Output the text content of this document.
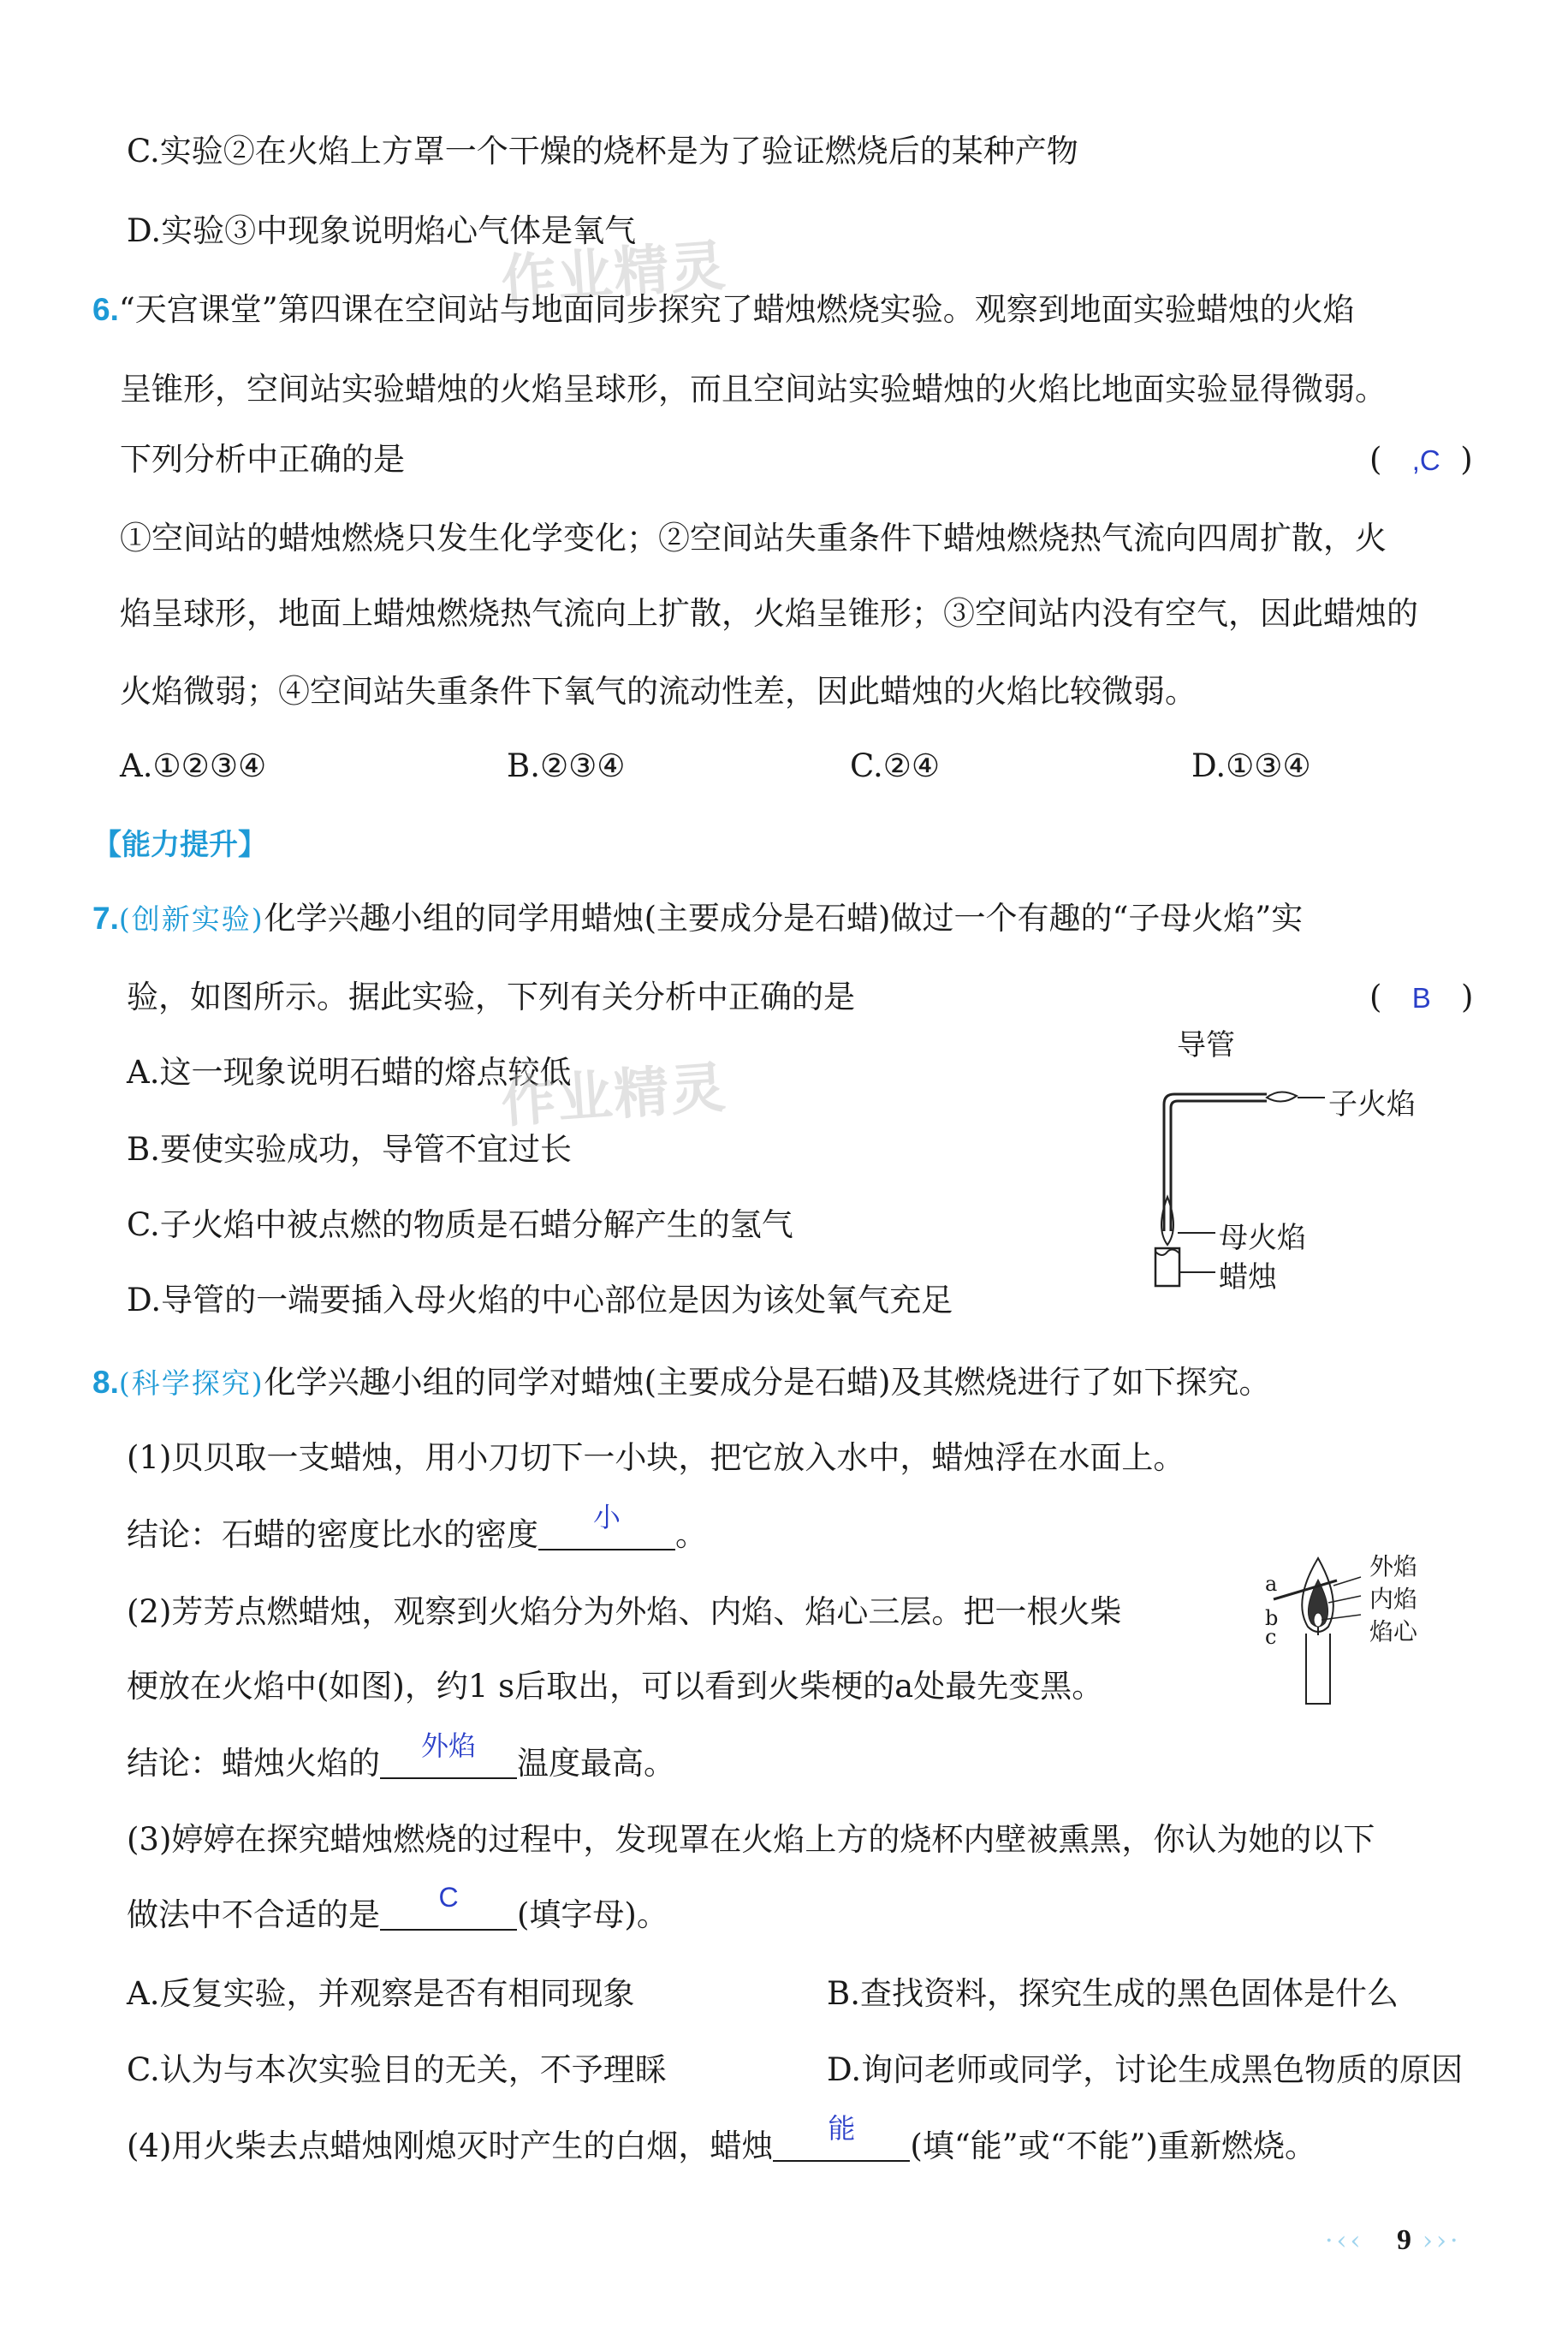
C.实验②在火焰上方罩一个干燥的烧杯是为了验证燃烧后的某种产物
D.实验③中现象说明焰心气体是氧气
作业精灵
6.“天宫课堂”第四课在空间站与地面同步探究了蜡烛燃烧实验。观察到地面实验蜡烛的火焰
呈锥形，空间站实验蜡烛的火焰呈球形，而且空间站实验蜡烛的火焰比地面实验显得微弱。
下列分析中正确的是	(   ,C  )
①空间站的蜡烛燃烧只发生化学变化；②空间站失重条件下蜡烛燃烧热气流向四周扩散，火
焰呈球形，地面上蜡烛燃烧热气流向上扩散，火焰呈锥形；③空间站内没有空气，因此蜡烛的
火焰微弱；④空间站失重条件下氧气的流动性差，因此蜡烛的火焰比较微弱。
A.①②③④	B.②③④	C.②④	D.①③④
【能力提升】
7.(创新实验)化学兴趣小组的同学用蜡烛(主要成分是石蜡)做过一个有趣的“子母火焰”实
验，如图所示。据此实验，下列有关分析中正确的是	(   B   )
A.这一现象说明石蜡的熔点较低
作业精灵
B.要使实验成功，导管不宜过长
C.子火焰中被点燃的物质是石蜡分解产生的氢气
D.导管的一端要插入母火焰的中心部位是因为该处氧气充足
导管
子火焰
母火焰
蜡烛
8.(科学探究)化学兴趣小组的同学对蜡烛(主要成分是石蜡)及其燃烧进行了如下探究。
(1)贝贝取一支蜡烛，用小刀切下一小块，把它放入水中，蜡烛浮在水面上。
结论：石蜡的密度比水的密度	小	。
(2)芳芳点燃蜡烛，观察到火焰分为外焰、内焰、焰心三层。把一根火柴
梗放在火焰中(如图)，约1 s后取出，可以看到火柴梗的a处最先变黑。
结论：蜡烛火焰的	外焰	温度最高。
外焰
内焰
焰心
a
b
c
(3)婷婷在探究蜡烛燃烧的过程中，发现罩在火焰上方的烧杯内壁被熏黑，你认为她的以下
做法中不合适的是	C	(填字母)。
A.反复实验，并观察是否有相同现象	B.查找资料，探究生成的黑色固体是什么
C.认为与本次实验目的无关，不予理睬	D.询问老师或同学，讨论生成黑色物质的原因
(4)用火柴去点蜡烛刚熄灭时产生的白烟，蜡烛	能	(填“能”或“不能”)重新燃烧。
·‹‹ 9 ››·
